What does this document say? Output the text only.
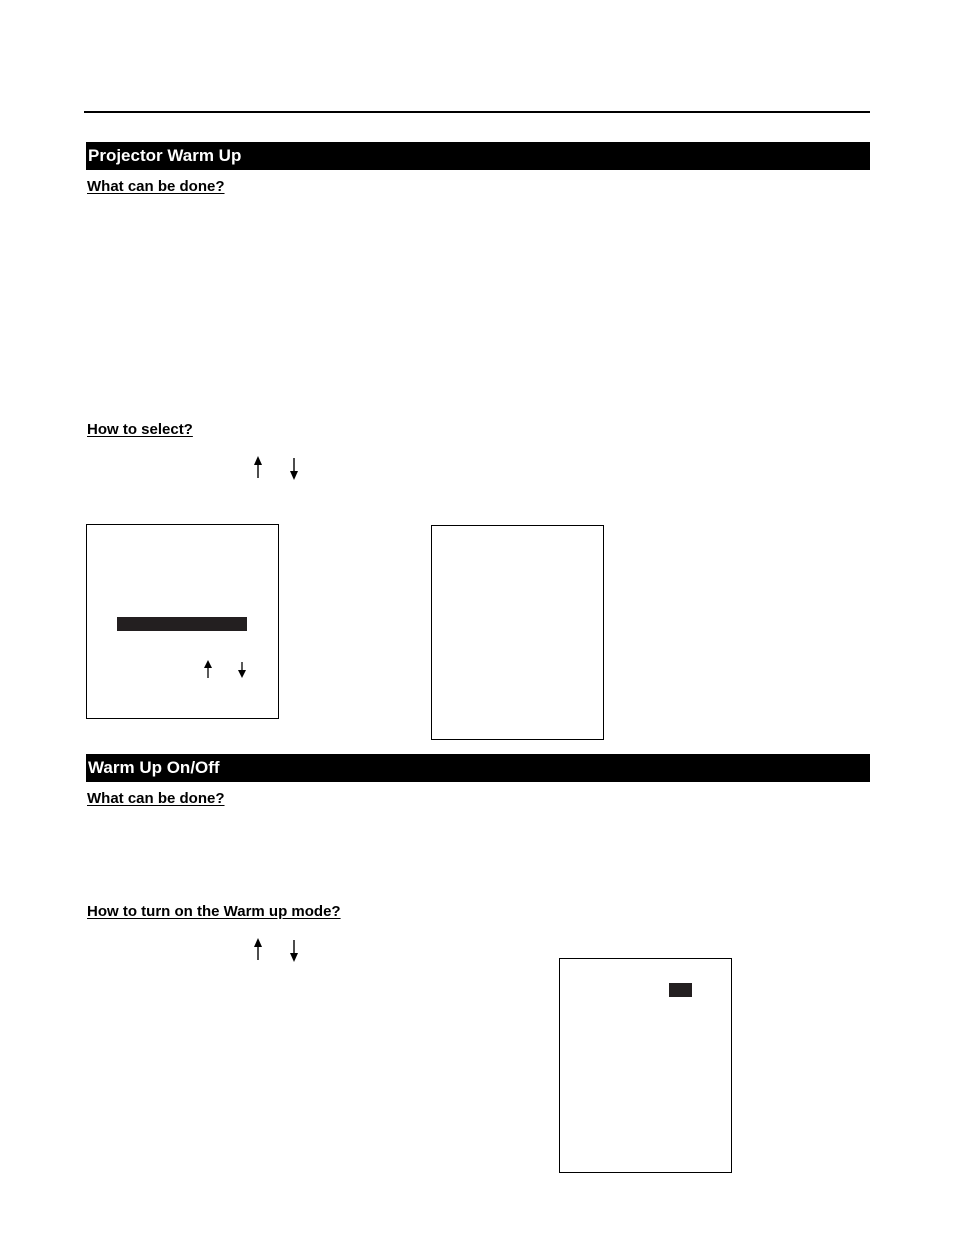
Projector Warm Up
What can be done?
How to select?
Warm Up On/Off
What can be done?
How to turn on the Warm up mode?
